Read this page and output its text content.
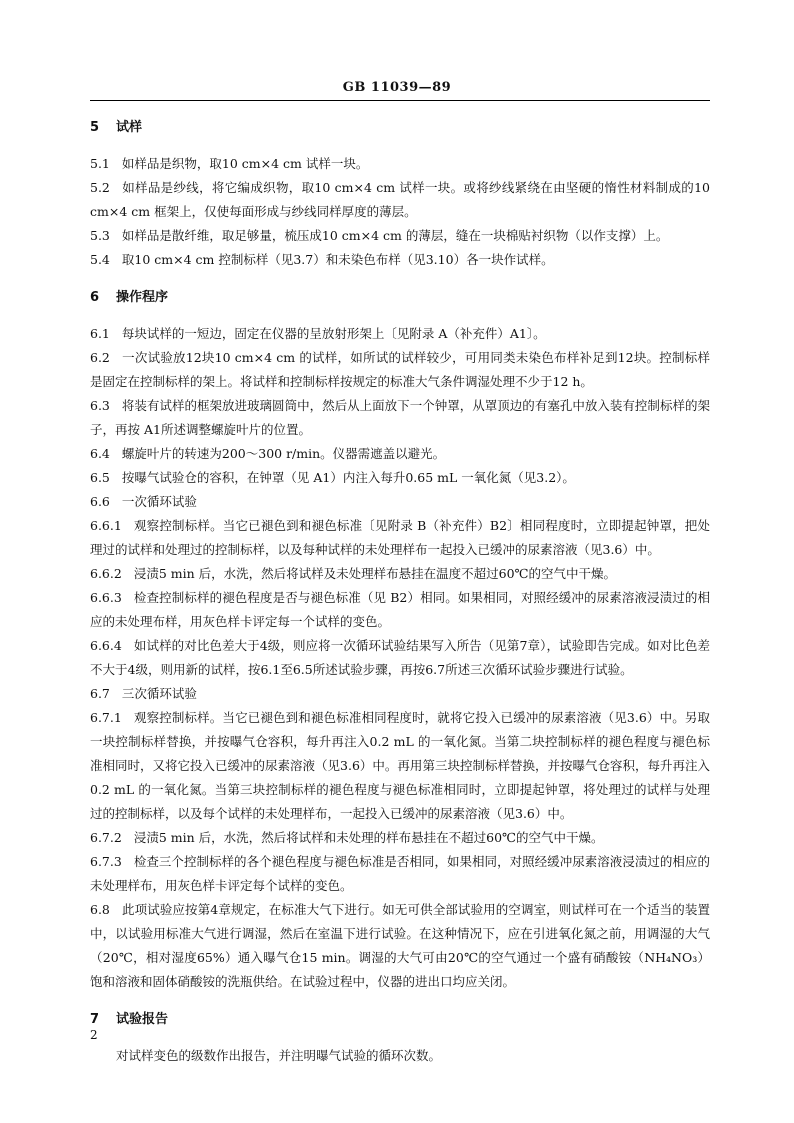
GB 11039—89
5 试样

5.1 如样品是织物，取10 cm×4 cm 试样一块。

5.2 如样品是纱线，将它编成织物，取10 cm×4 cm 试样一块。或将纱线紧绕在由坚硬的惰性材料制成的10 cm×4 cm 框架上，仅使每面形成与纱线同样厚度的薄层。

5.3 如样品是散纤维，取足够量，梳压成10 cm×4 cm 的薄层，缝在一块棉贴衬织物（以作支撑）上。

5.4 取10 cm×4 cm 控制标样（见3.7）和未染色布样（见3.10）各一块作试样。

6 操作程序

6.1 每块试样的一短边，固定在仪器的呈放射形架上〔见附录 A（补充件）A1〕。

6.2 一次试验放12块10 cm×4 cm 的试样，如所试的试样较少，可用同类未染色布样补足到12块。控制标样是固定在控制标样的架上。将试样和控制标样按规定的标准大气条件调湿处理不少于12 h。

6.3 将装有试样的框架放进玻璃圆筒中，然后从上面放下一个钟罩，从罩顶边的有塞孔中放入装有控制标样的架子，再按 A1所述调整螺旋叶片的位置。

6.4 螺旋叶片的转速为200～300 r/min。仪器需遮盖以避光。

6.5 按曝气试验仓的容积，在钟罩（见 A1）内注入每升0.65 mL 一氧化氮（见3.2）。

6.6 一次循环试验

6.6.1 观察控制标样。当它已褪色到和褪色标准〔见附录 B（补充件）B2〕相同程度时，立即提起钟罩，把处理过的试样和处理过的控制标样，以及每种试样的未处理样布一起投入已缓冲的尿素溶液（见3.6）中。

6.6.2 浸渍5 min 后，水洗，然后将试样及未处理样布悬挂在温度不超过60℃的空气中干燥。

6.6.3 检查控制标样的褪色程度是否与褪色标准（见 B2）相同。如果相同，对照经缓冲的尿素溶液浸渍过的相应的未处理布样，用灰色样卡评定每一个试样的变色。

6.6.4 如试样的对比色差大于4级，则应将一次循环试验结果写入所告（见第7章），试验即告完成。如对比色差不大于4级，则用新的试样，按6.1至6.5所述试验步骤，再按6.7所述三次循环试验步骤进行试验。

6.7 三次循环试验

6.7.1 观察控制标样。当它已褪色到和褪色标准相同程度时，就将它投入已缓冲的尿素溶液（见3.6）中。另取一块控制标样替换，并按曝气仓容积，每升再注入0.2 mL 的一氧化氮。当第二块控制标样的褪色程度与褪色标准相同时，又将它投入已缓冲的尿素溶液（见3.6）中。再用第三块控制标样替换，并按曝气仓容积，每升再注入0.2 mL 的一氧化氮。当第三块控制标样的褪色程度与褪色标准相同时，立即提起钟罩，将处理过的试样与处理过的控制标样，以及每个试样的未处理样布，一起投入已缓冲的尿素溶液（见3.6）中。

6.7.2 浸渍5 min 后，水洗，然后将试样和未处理的样布悬挂在不超过60℃的空气中干燥。

6.7.3 检查三个控制标样的各个褪色程度与褪色标准是否相同，如果相同，对照经缓冲尿素溶液浸渍过的相应的未处理样布，用灰色样卡评定每个试样的变色。

6.8 此项试验应按第4章规定，在标准大气下进行。如无可供全部试验用的空调室，则试样可在一个适当的装置中，以试验用标准大气进行调湿，然后在室温下进行试验。在这种情况下，应在引进氧化氮之前，用调湿的大气（20℃，相对湿度65%）通入曝气仓15 min。调湿的大气可由20℃的空气通过一个盛有硝酸铵（NH₄NO₃）饱和溶液和固体硝酸铵的洗瓶供给。在试验过程中，仪器的进出口均应关闭。

7 试验报告

对试样变色的级数作出报告，并注明曝气试验的循环次数。

2
